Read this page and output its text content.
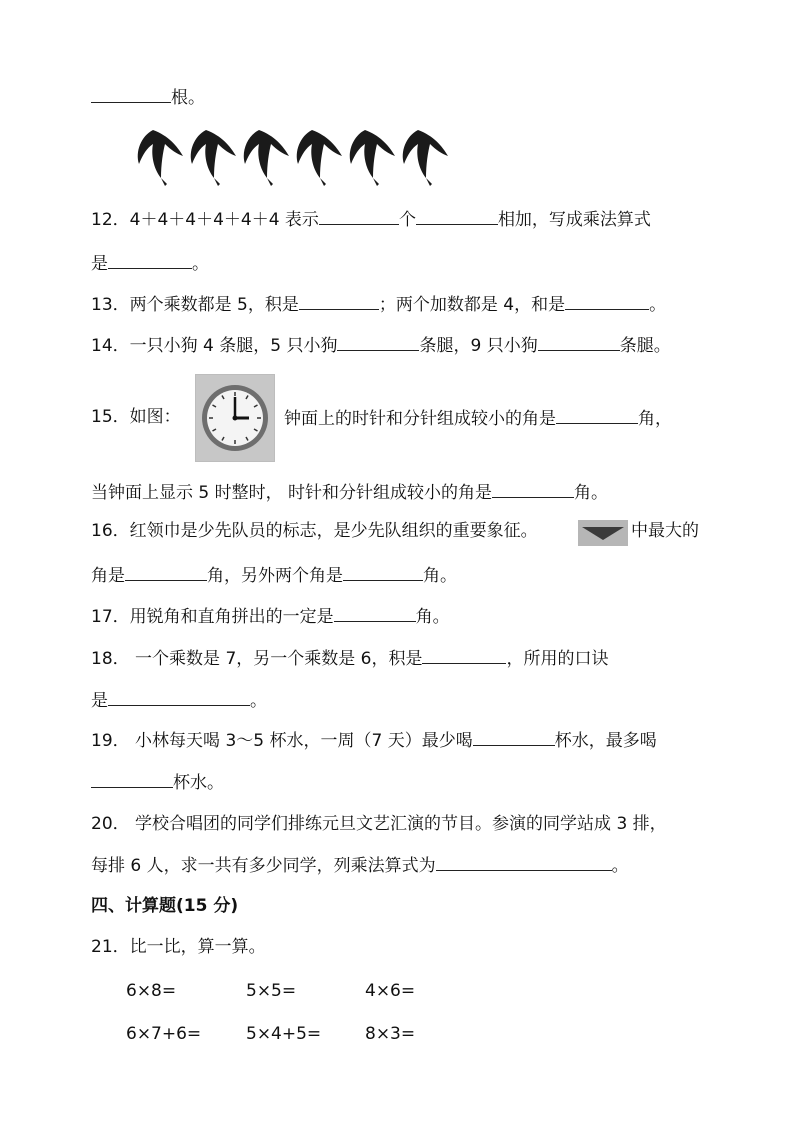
根。
12．4＋4＋4＋4＋4＋4 表示	个	相加，写成乘法算式
是	。
13．两个乘数都是 5，积是	；两个加数都是 4，和是	。
14．一只小狗 4 条腿，5 只小狗	条腿，9 只小狗	条腿。
15．如图：	钟面上的时针和分针组成较小的角是	角，
当钟面上显示 5 时整时， 时针和分针组成较小的角是	角。
16．红领巾是少先队员的标志，是少先队组织的重要象征。	中最大的
角是	角，另外两个角是	角。
17．用锐角和直角拼出的一定是	角。
18． 一个乘数是 7，另一个乘数是 6，积是	，所用的口诀
是	。
19． 小林每天喝 3～5 杯水，一周（7 天）最少喝	杯水，最多喝
杯水。
20． 学校合唱团的同学们排练元旦文艺汇演的节目。参演的同学站成 3 排，
每排 6 人，求一共有多少同学，列乘法算式为	。
四、计算题(15 分)
21．比一比，算一算。
6×8=	5×5=	4×6=
6×7+6=	5×4+5=	8×3=
